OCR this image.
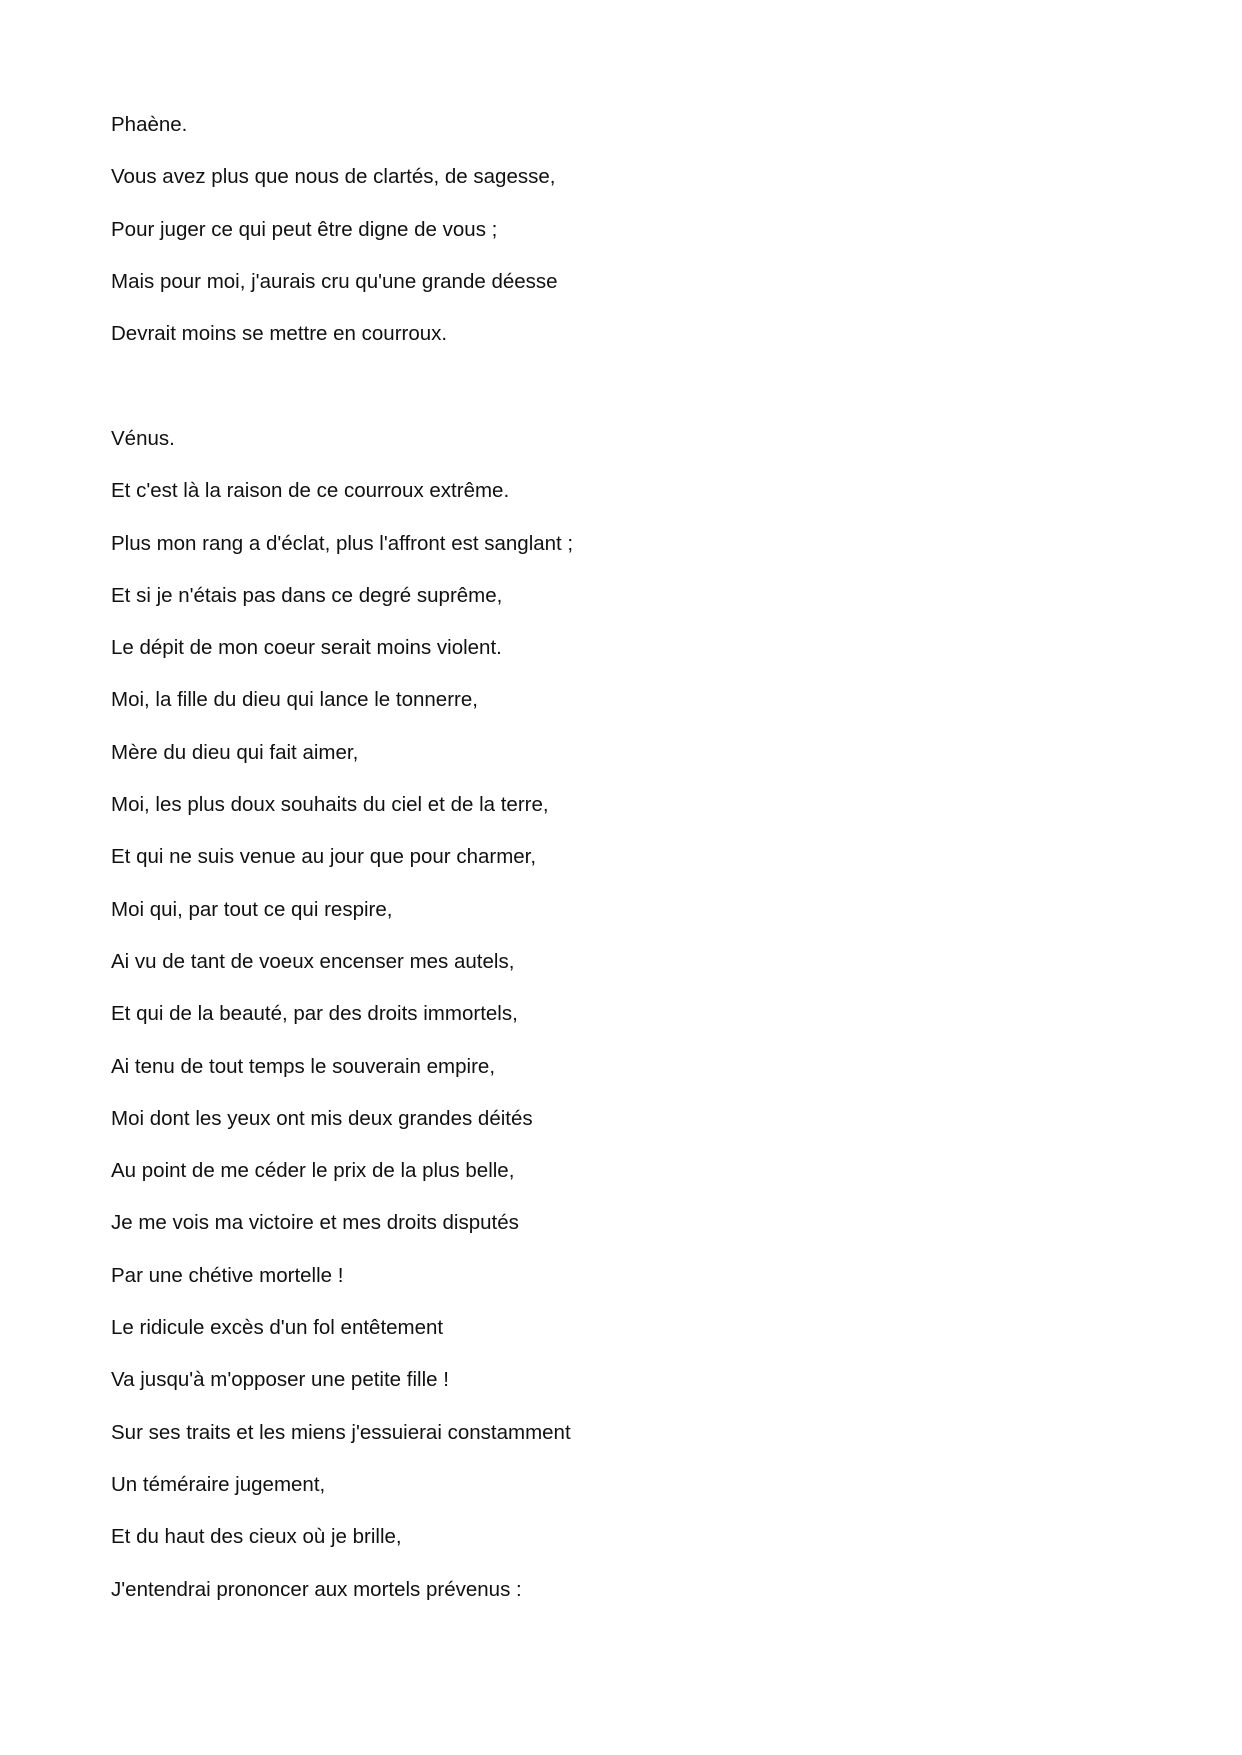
Phaène.
Vous avez plus que nous de clartés, de sagesse,
Pour juger ce qui peut être digne de vous ;
Mais pour moi, j'aurais cru qu'une grande déesse
Devrait moins se mettre en courroux.
Vénus.
Et c'est là la raison de ce courroux extrême.
Plus mon rang a d'éclat, plus l'affront est sanglant ;
Et si je n'étais pas dans ce degré suprême,
Le dépit de mon coeur serait moins violent.
Moi, la fille du dieu qui lance le tonnerre,
Mère du dieu qui fait aimer,
Moi, les plus doux souhaits du ciel et de la terre,
Et qui ne suis venue au jour que pour charmer,
Moi qui, par tout ce qui respire,
Ai vu de tant de voeux encenser mes autels,
Et qui de la beauté, par des droits immortels,
Ai tenu de tout temps le souverain empire,
Moi dont les yeux ont mis deux grandes déités
Au point de me céder le prix de la plus belle,
Je me vois ma victoire et mes droits disputés
Par une chétive mortelle !
Le ridicule excès d'un fol entêtement
Va jusqu'à m'opposer une petite fille !
Sur ses traits et les miens j'essuierai constamment
Un téméraire jugement,
Et du haut des cieux où je brille,
J'entendrai prononcer aux mortels prévenus :
